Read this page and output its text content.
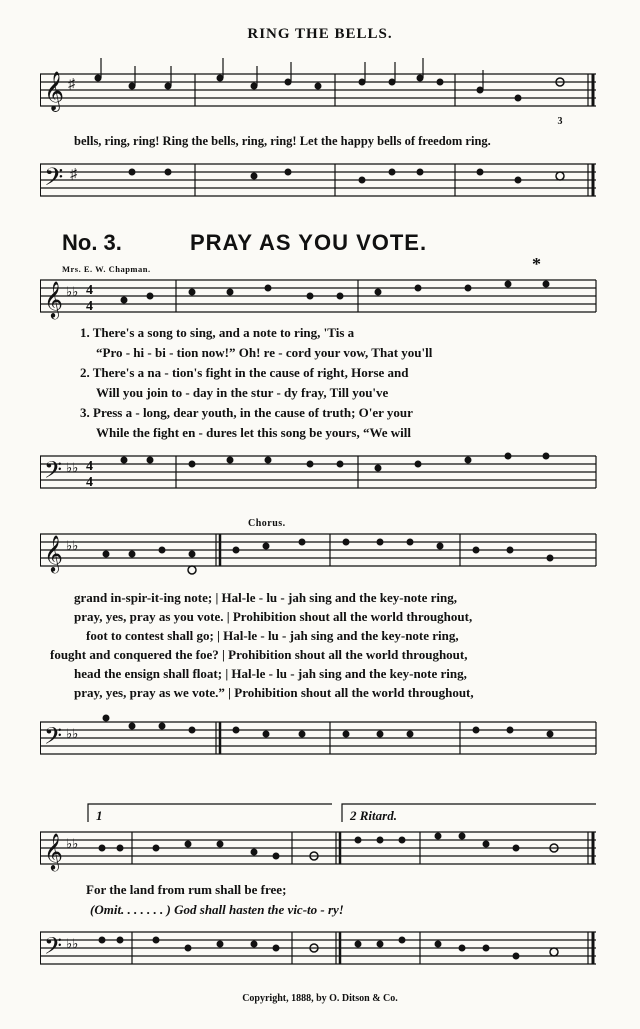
RING THE BELLS.
𝄞 ♯
3
bells, ring, ring! Ring the bells, ring, ring! Let the happy bells of freedom ring.
𝄢 ♯
No. 3.	PRAY AS YOU VOTE.
Mrs. E. W. Chapman.	*
𝄞 ♭♭ 4
4
1. There's a song to sing, and a note to ring, 'Tis a
“Pro - hi - bi - tion now!” Oh! re - cord your vow, That you'll
2. There's a na - tion's fight in the cause of right, Horse and
Will you join to - day in the stur - dy fray, Till you've
3. Press a - long, dear youth, in the cause of truth; O'er your
While the fight en - dures let this song be yours, “We will
𝄢 ♭♭ 4
4
Chorus.
𝄞 ♭♭
grand in-spir-it-ing note; | Hal-le - lu - jah sing and the key-note ring,
pray, yes, pray as you vote. | Prohibition shout all the world throughout,
foot to contest shall go; | Hal-le - lu - jah sing and the key-note ring,
fought and conquered the foe? | Prohibition shout all the world throughout,
head the ensign shall float; | Hal-le - lu - jah sing and the key-note ring,
pray, yes, pray as we vote.” | Prohibition shout all the world throughout,
𝄢 ♭♭
1	2 Ritard.
𝄞 ♭♭
For the land from rum shall be free;
(Omit. . . . . . . ) God shall hasten the vic-to - ry!
𝄢 ♭♭
Copyright, 1888, by O. Ditson & Co.
